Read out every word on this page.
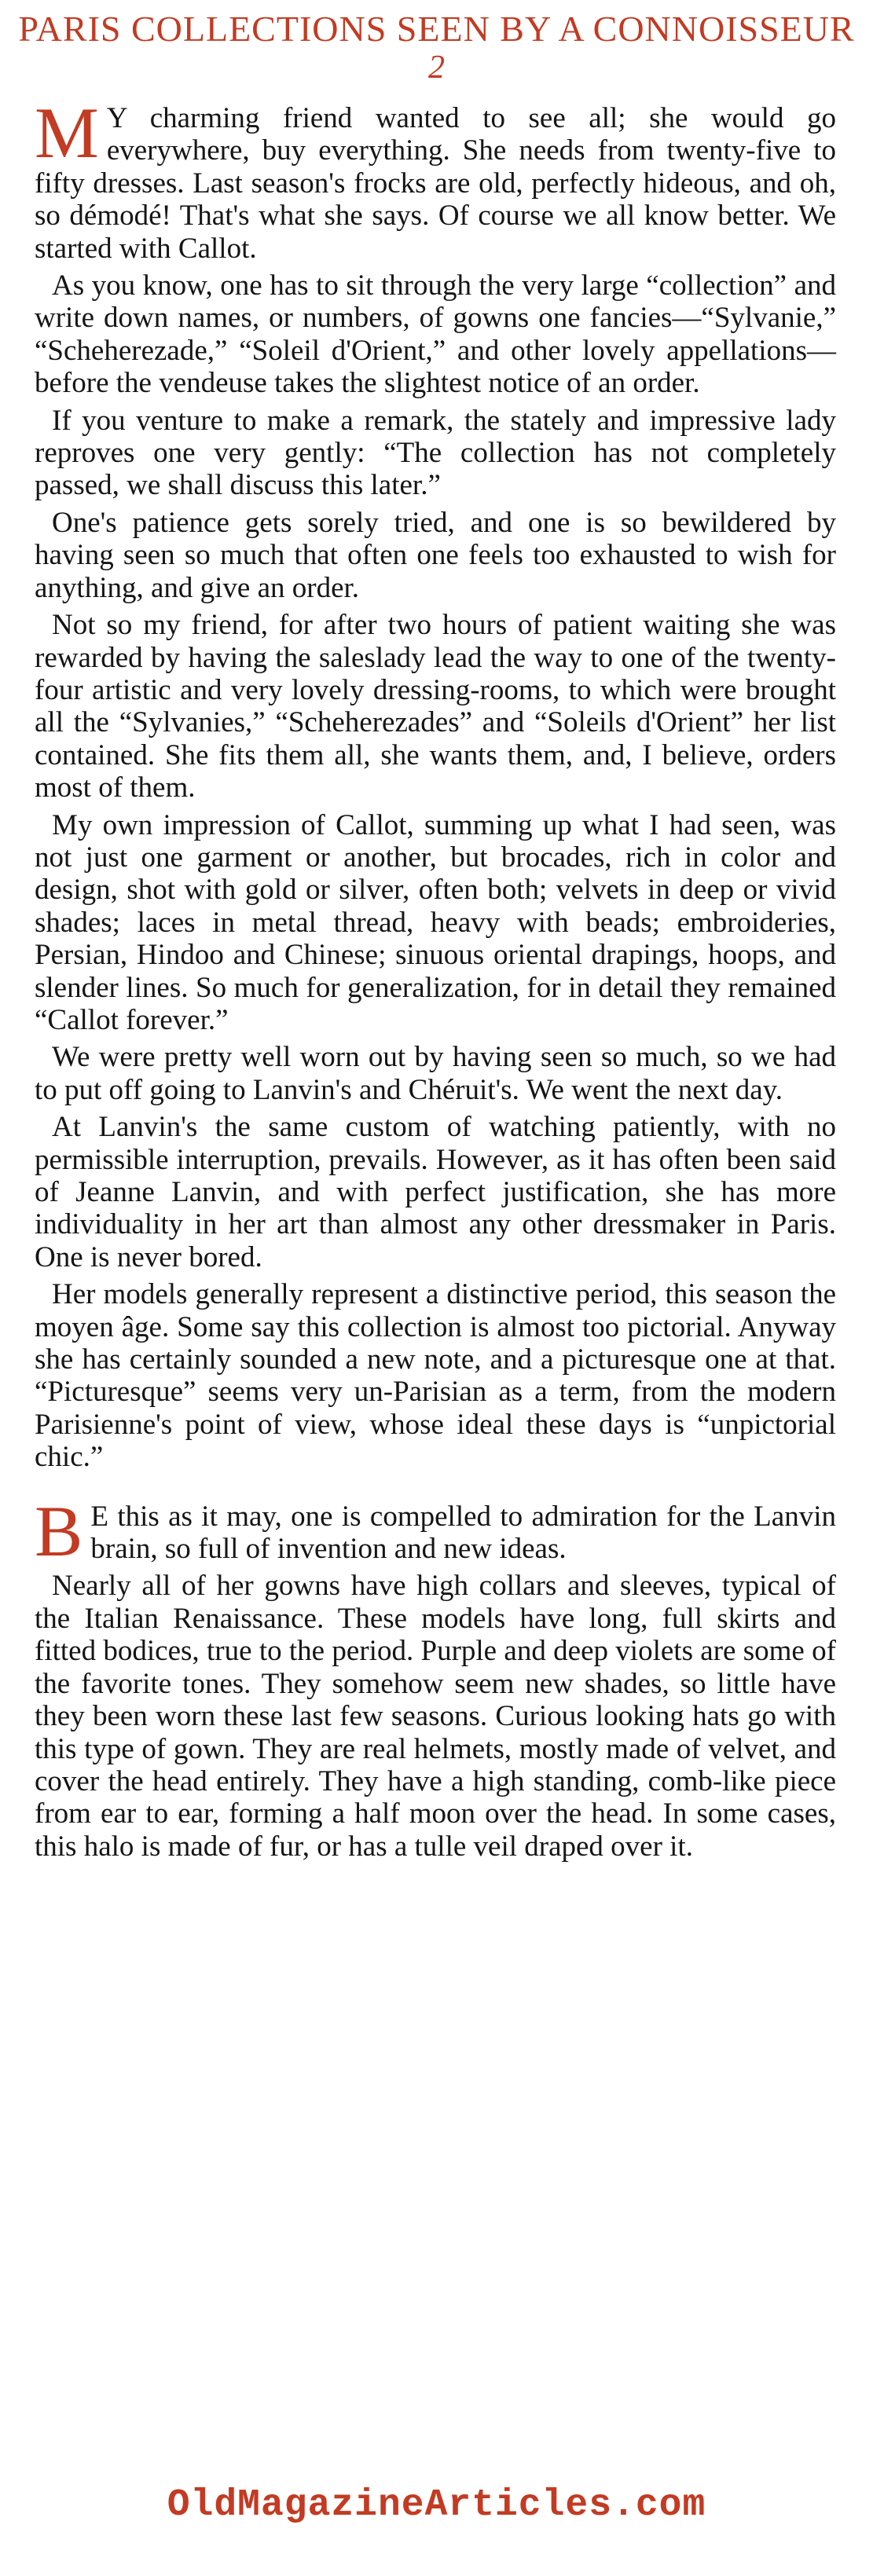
PARIS COLLECTIONS SEEN BY A CONNOISSEUR
2

M Y charming friend wanted to see all; she would go everywhere, buy everything. She needs from twenty-five to fifty dresses. Last season's frocks are old, perfectly hideous, and oh, so démodé! That's what she says. Of course we all know better. We started with Callot.

As you know, one has to sit through the very large “collection” and write down names, or numbers, of gowns one fancies—“Sylvanie,” “Scheherezade,” “Soleil d'Orient,” and other lovely appellations—before the vendeuse takes the slightest notice of an order.

If you venture to make a remark, the stately and impressive lady reproves one very gently: “The collection has not completely passed, we shall discuss this later.”

One's patience gets sorely tried, and one is so bewildered by having seen so much that often one feels too exhausted to wish for anything, and give an order.

Not so my friend, for after two hours of patient waiting she was rewarded by having the saleslady lead the way to one of the twenty-four artistic and very lovely dressing-rooms, to which were brought all the “Sylvanies,” “Scheherezades” and “Soleils d'Orient” her list contained. She fits them all, she wants them, and, I believe, orders most of them.

My own impression of Callot, summing up what I had seen, was not just one garment or another, but brocades, rich in color and design, shot with gold or silver, often both; velvets in deep or vivid shades; laces in metal thread, heavy with beads; embroideries, Persian, Hindoo and Chinese; sinuous oriental drapings, hoops, and slender lines. So much for generalization, for in detail they remained “Callot forever.”

We were pretty well worn out by having seen so much, so we had to put off going to Lanvin's and Chéruit's. We went the next day.

At Lanvin's the same custom of watching patiently, with no permissible interruption, prevails. However, as it has often been said of Jeanne Lanvin, and with perfect justification, she has more individuality in her art than almost any other dressmaker in Paris. One is never bored.

Her models generally represent a distinctive period, this season the moyen âge. Some say this collection is almost too pictorial. Anyway she has certainly sounded a new note, and a picturesque one at that. “Picturesque” seems very un-Parisian as a term, from the modern Parisienne's point of view, whose ideal these days is “unpictorial chic.”

B E this as it may, one is compelled to admiration for the Lanvin brain, so full of invention and new ideas.

Nearly all of her gowns have high collars and sleeves, typical of the Italian Renaissance. These models have long, full skirts and fitted bodices, true to the period. Purple and deep violets are some of the favorite tones. They somehow seem new shades, so little have they been worn these last few seasons. Curious looking hats go with this type of gown. They are real helmets, mostly made of velvet, and cover the head entirely. They have a high standing, comb-like piece from ear to ear, forming a half moon over the head. In some cases, this halo is made of fur, or has a tulle veil draped over it.

OldMagazineArticles.com
